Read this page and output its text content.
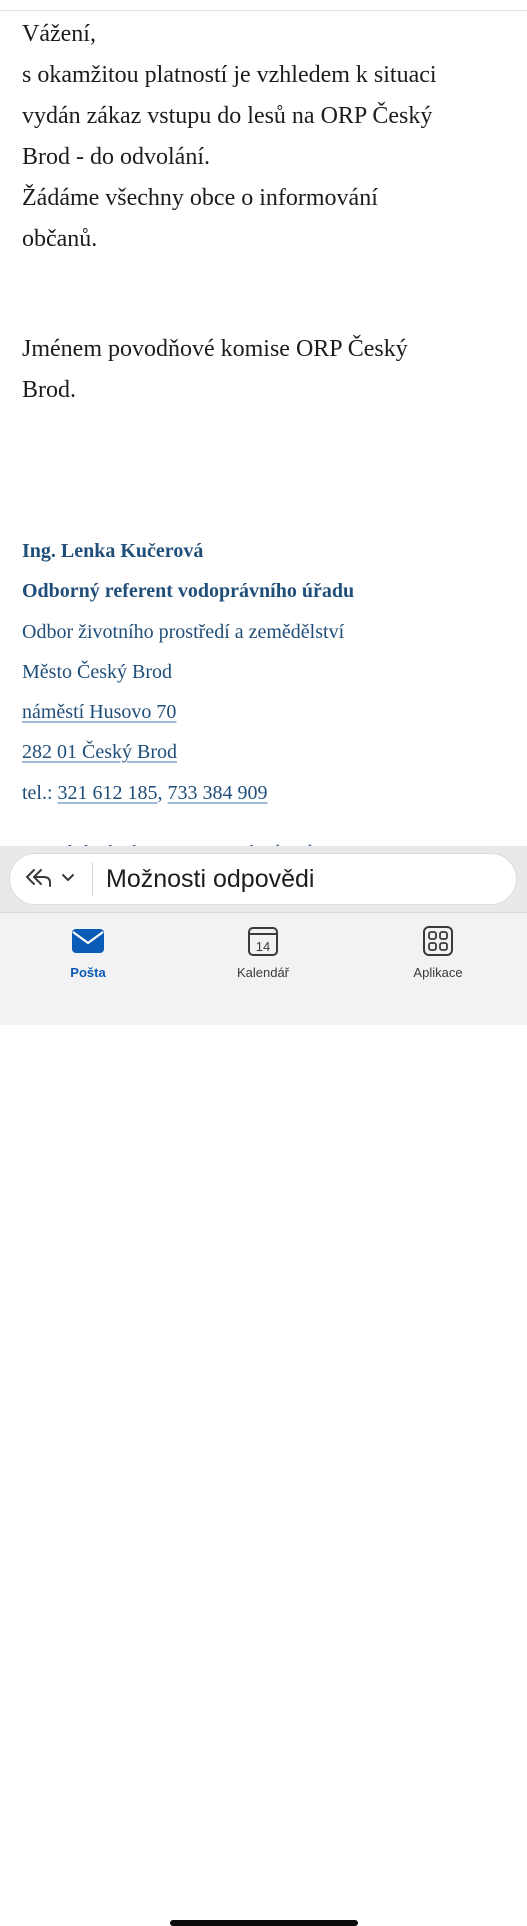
Vážení,

s okamžitou platností je vzhledem k situaci

vydán zákaz vstupu do lesů na ORP Český

Brod - do odvolání.

Žádáme všechny obce o informování

občanů.

Jménem povodňové komise ORP Český

Brod.

Ing. Lenka Kučerová

Odborný referent vodoprávního úřadu

Odbor životního prostředí a zemědělství

Město Český Brod

náměstí Husovo 70

282 01 Český Brod

tel.: 321 612 185, 733 384 909

Možnosti odpovědi
Pošta
14
Kalendář	Aplikace
